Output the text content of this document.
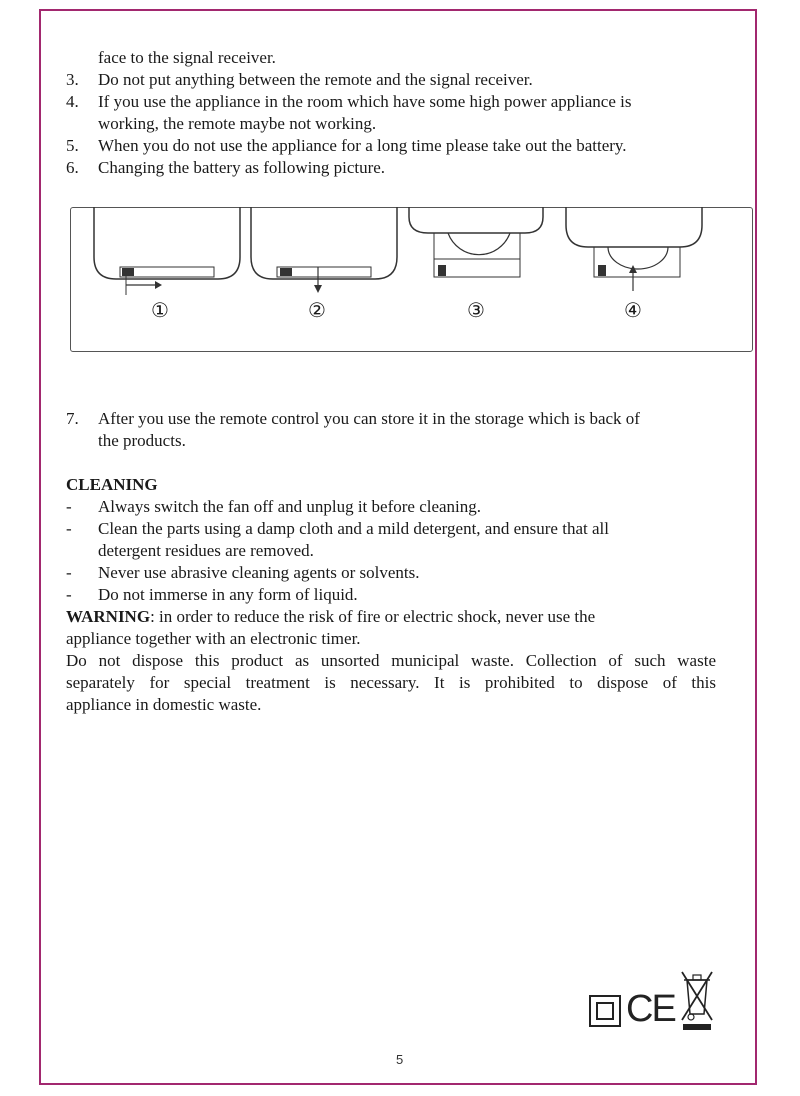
face to the signal receiver.
3. Do not put anything between the remote and the signal receiver.
4. If you use the appliance in the room which have some high power appliance is
working, the remote maybe not working.
5. When you do not use the appliance for a long time please take out the battery.
6. Changing the battery as following picture.
①	②	③	④
7. After you use the remote control you can store it in the storage which is back of
the products.
CLEANING
- Always switch the fan off and unplug it before cleaning.
- Clean the parts using a damp cloth and a mild detergent, and ensure that all
detergent residues are removed.
- Never use abrasive cleaning agents or solvents.
- Do not immerse in any form of liquid.
WARNING: in order to reduce the risk of fire or electric shock, never use the
appliance together with an electronic timer.
Do not dispose this product as unsorted municipal waste. Collection of such waste
separately for special treatment is necessary. It is prohibited to dispose of this
appliance in domestic waste.
CE
5
